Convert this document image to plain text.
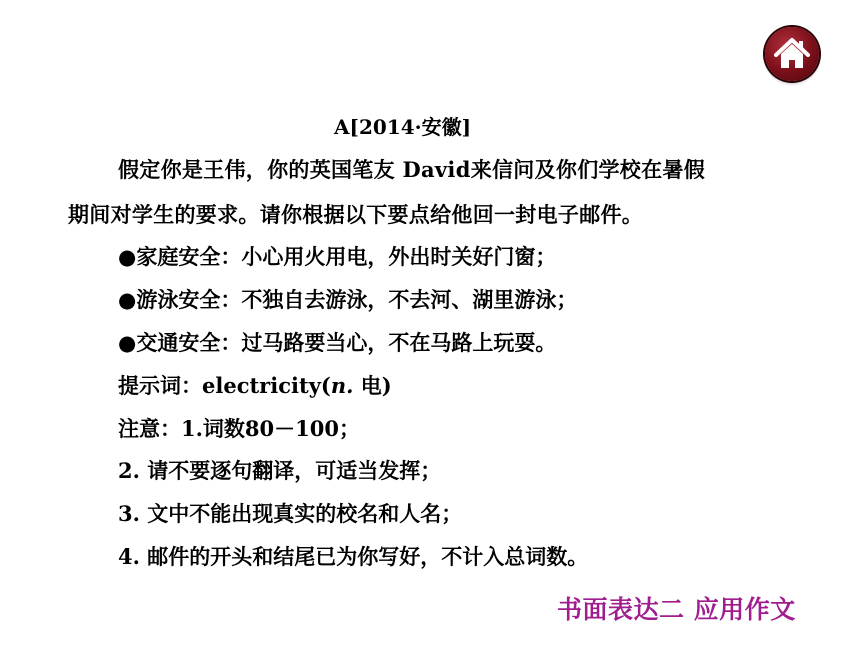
A[2014·安徽]
假定你是王伟，你的英国笔友 David来信问及你们学校在暑假
期间对学生的要求。请你根据以下要点给他回一封电子邮件。
●家庭安全：小心用火用电，外出时关好门窗；
●游泳安全：不独自去游泳，不去河、湖里游泳；
●交通安全：过马路要当心，不在马路上玩耍。
提示词：electricity(n. 电)
注意：1.词数80－100；
2. 请不要逐句翻译，可适当发挥；
3. 文中不能出现真实的校名和人名；
4. 邮件的开头和结尾已为你写好，不计入总词数。
书面表达二 应用作文
